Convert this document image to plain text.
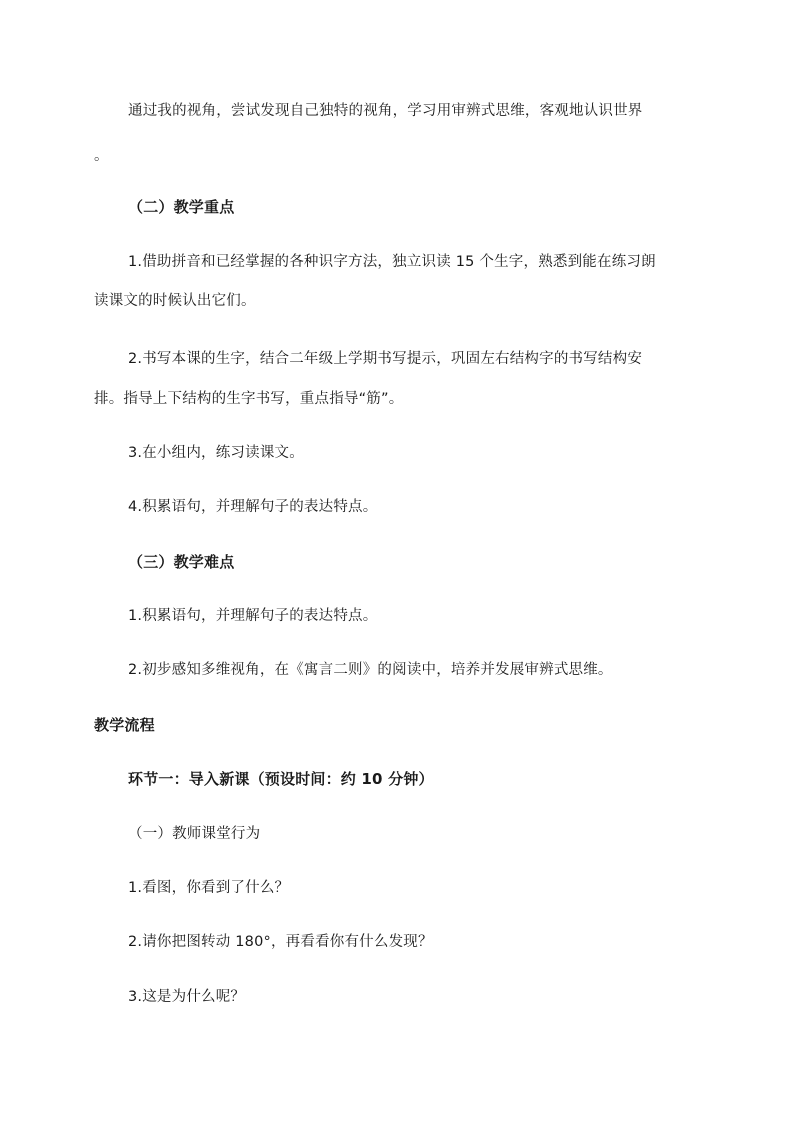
通过我的视角，尝试发现自己独特的视角，学习用审辨式思维，客观地认识世界
。
（二）教学重点
1.借助拼音和已经掌握的各种识字方法，独立识读 15 个生字，熟悉到能在练习朗
读课文的时候认出它们。
2.书写本课的生字，结合二年级上学期书写提示，巩固左右结构字的书写结构安
排。指导上下结构的生字书写，重点指导“筋”。
3.在小组内，练习读课文。
4.积累语句，并理解句子的表达特点。
（三）教学难点
1.积累语句，并理解句子的表达特点。
2.初步感知多维视角，在《寓言二则》的阅读中，培养并发展审辨式思维。
教学流程
环节一：导入新课（预设时间：约 10 分钟）
（一）教师课堂行为
1.看图，你看到了什么？
2.请你把图转动 180°，再看看你有什么发现？
3.这是为什么呢？
